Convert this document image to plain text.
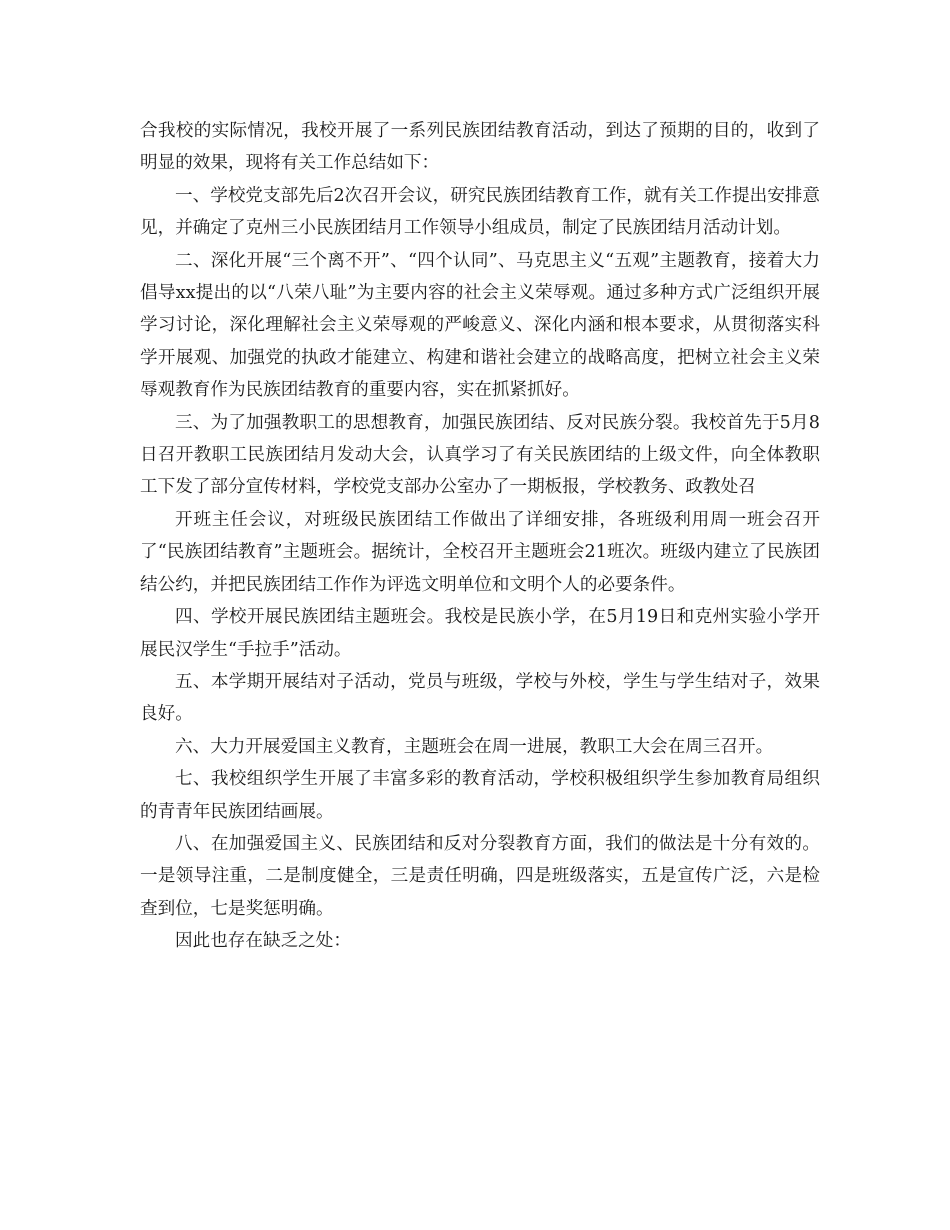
合我校的实际情况，我校开展了一系列民族团结教育活动，到达了预期的目的，收到了明显的效果，现将有关工作总结如下：

一、学校党支部先后2次召开会议，研究民族团结教育工作，就有关工作提出安排意见，并确定了克州三小民族团结月工作领导小组成员，制定了民族团结月活动计划。

二、深化开展“三个离不开”、“四个认同”、马克思主义“五观”主题教育，接着大力倡导xx提出的以“八荣八耻”为主要内容的社会主义荣辱观。通过多种方式广泛组织开展学习讨论，深化理解社会主义荣辱观的严峻意义、深化内涵和根本要求，从贯彻落实科学开展观、加强党的执政才能建立、构建和谐社会建立的战略高度，把树立社会主义荣辱观教育作为民族团结教育的重要内容，实在抓紧抓好。

三、为了加强教职工的思想教育，加强民族团结、反对民族分裂。我校首先于5月8日召开教职工民族团结月发动大会，认真学习了有关民族团结的上级文件，向全体教职工下发了部分宣传材料，学校党支部办公室办了一期板报，学校教务、政教处召

开班主任会议，对班级民族团结工作做出了详细安排，各班级利用周一班会召开了“民族团结教育”主题班会。据统计，全校召开主题班会21班次。班级内建立了民族团结公约，并把民族团结工作作为评选文明单位和文明个人的必要条件。

四、学校开展民族团结主题班会。我校是民族小学，在5月19日和克州实验小学开展民汉学生“手拉手”活动。

五、本学期开展结对子活动，党员与班级，学校与外校，学生与学生结对子，效果良好。

六、大力开展爱国主义教育，主题班会在周一进展，教职工大会在周三召开。

七、我校组织学生开展了丰富多彩的教育活动，学校积极组织学生参加教育局组织的青青年民族团结画展。

八、在加强爱国主义、民族团结和反对分裂教育方面，我们的做法是十分有效的。一是领导注重，二是制度健全，三是责任明确，四是班级落实，五是宣传广泛，六是检查到位，七是奖惩明确。

因此也存在缺乏之处：
